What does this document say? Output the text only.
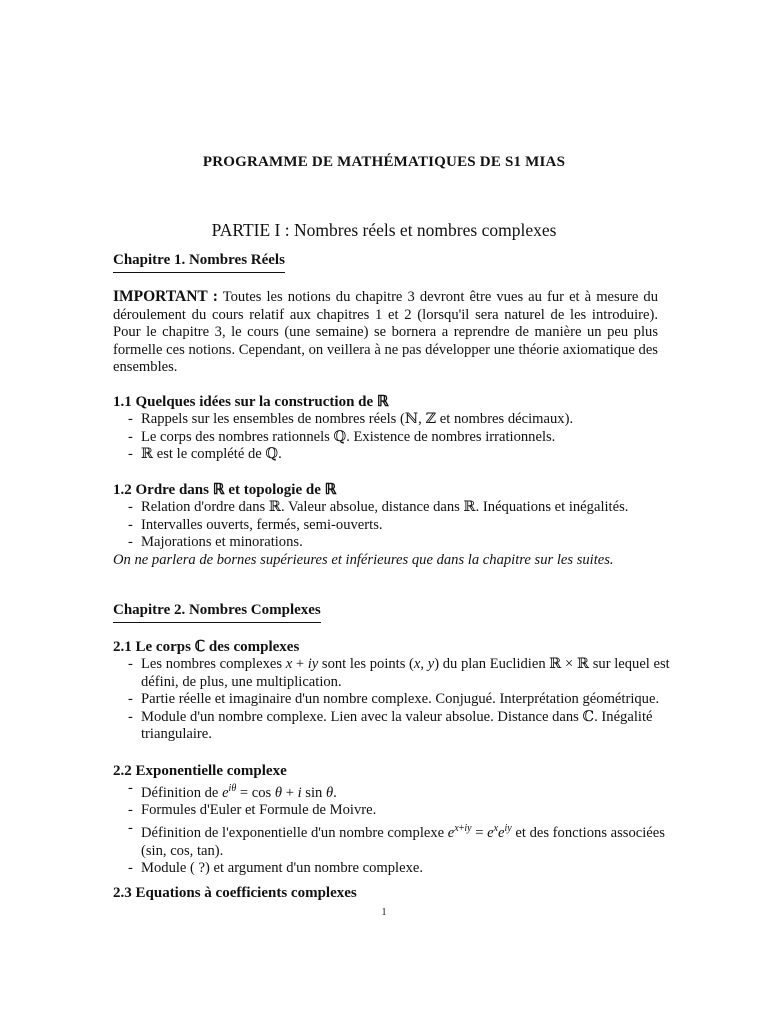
PROGRAMME DE MATHÉMATIQUES DE S1 MIAS
PARTIE I : Nombres réels et nombres complexes
Chapitre 1. Nombres Réels
IMPORTANT : Toutes les notions du chapitre 3 devront être vues au fur et à mesure du déroulement du cours relatif aux chapitres 1 et 2 (lorsqu'il sera naturel de les introduire). Pour le chapitre 3, le cours (une semaine) se bornera a reprendre de manière un peu plus formelle ces notions. Cependant, on veillera à ne pas développer une théorie axiomatique des ensembles.
1.1 Quelques idées sur la construction de ℝ
- Rappels sur les ensembles de nombres réels (ℕ, ℤ et nombres décimaux).
- Le corps des nombres rationnels ℚ. Existence de nombres irrationnels.
- ℝ est le complété de ℚ.
1.2 Ordre dans ℝ et topologie de ℝ
- Relation d'ordre dans ℝ. Valeur absolue, distance dans ℝ. Inéquations et inégalités.
- Intervalles ouverts, fermés, semi-ouverts.
- Majorations et minorations.
On ne parlera de bornes supérieures et inférieures que dans la chapitre sur les suites.
Chapitre 2. Nombres Complexes
2.1 Le corps ℂ des complexes
- Les nombres complexes x + iy sont les points (x, y) du plan Euclidien ℝ × ℝ sur lequel est défini, de plus, une multiplication.
- Partie réelle et imaginaire d'un nombre complexe. Conjugué. Interprétation géométrique.
- Module d'un nombre complexe. Lien avec la valeur absolue. Distance dans ℂ. Inégalité triangulaire.
2.2 Exponentielle complexe
- Définition de $e^{i\theta} = \cos \theta + i$ sin θ.
- Formules d'Euler et Formule de Moivre.
- Définition de l'exponentielle d'un nombre complexe $e^{x+iy} = e^xe^{iy}$ et des fonctions associées (sin, cos, tan).
- Module ( ?) et argument d'un nombre complexe.
2.3 Equations à coefficients complexes
1
